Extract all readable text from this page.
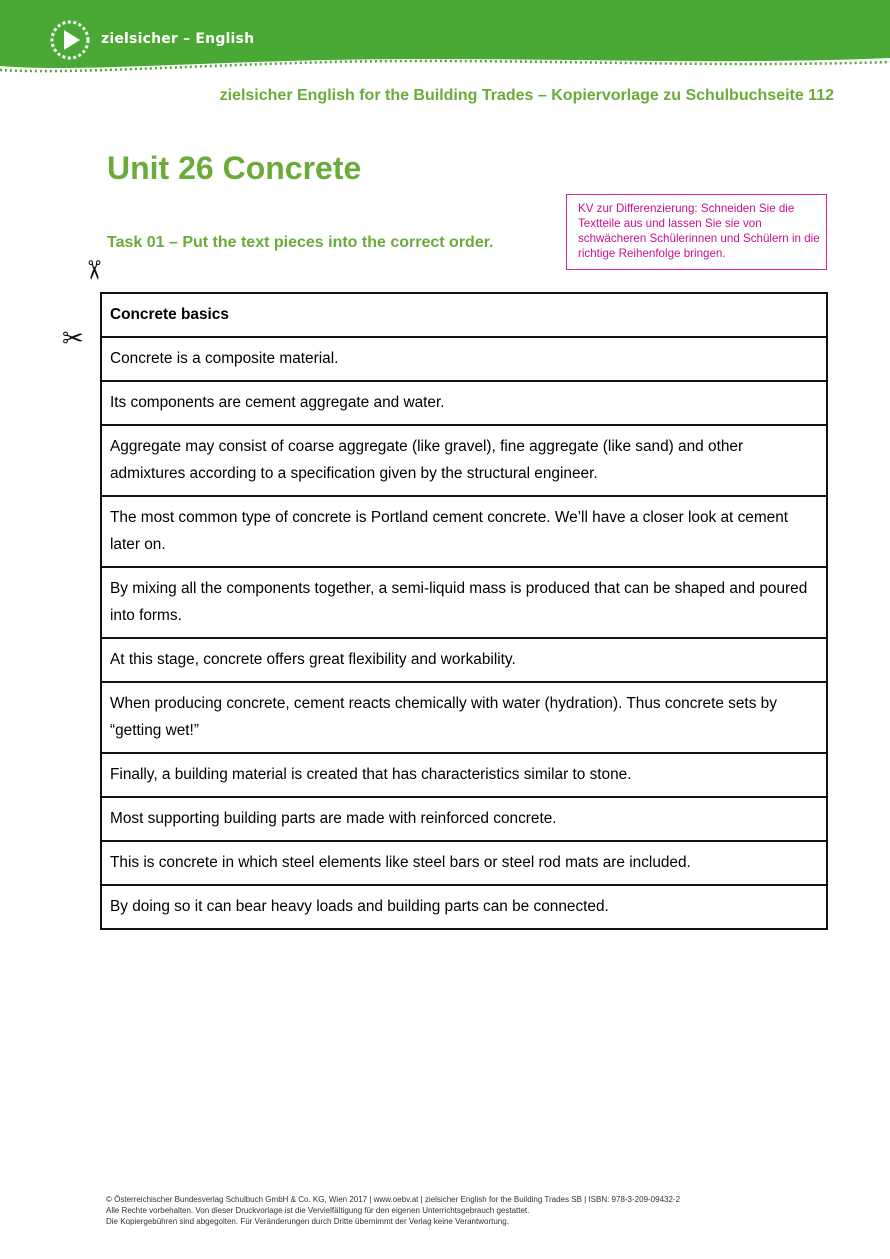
zielsicher – English
zielsicher English for the Building Trades – Kopiervorlage zu Schulbuchseite 112
Unit 26 Concrete
KV zur Differenzierung: Schneiden Sie die Textteile aus und lassen Sie sie von schwächeren Schülerinnen und Schülern in die richtige Reihenfolge bringen.
Task 01 – Put the text pieces into the correct order.
✂
✂
Concrete basics
Concrete is a composite material.
Its components are cement aggregate and water.
Aggregate may consist of coarse aggregate (like gravel), fine aggregate (like sand) and other admixtures according to a specification given by the structural engineer.
The most common type of concrete is Portland cement concrete. We’ll have a closer look at cement later on.
By mixing all the components together, a semi-liquid mass is produced that can be shaped and poured into forms.
At this stage, concrete offers great flexibility and workability.
When producing concrete, cement reacts chemically with water (hydration). Thus concrete sets by “getting wet!”
Finally, a building material is created that has characteristics similar to stone.
Most supporting building parts are made with reinforced concrete.
This is concrete in which steel elements like steel bars or steel rod mats are included.
By doing so it can bear heavy loads and building parts can be connected.
© Österreichischer Bundesverlag Schulbuch GmbH & Co. KG, Wien 2017 | www.oebv.at | zielsicher English for the Building Trades SB | ISBN: 978-3-209-09432-2
Alle Rechte vorbehalten. Von dieser Druckvorlage ist die Vervielfältigung für den eigenen Unterrichtsgebrauch gestattet.
Die Kopiergebühren sind abgegolten. Für Veränderungen durch Dritte übernimmt der Verlag keine Verantwortung.
